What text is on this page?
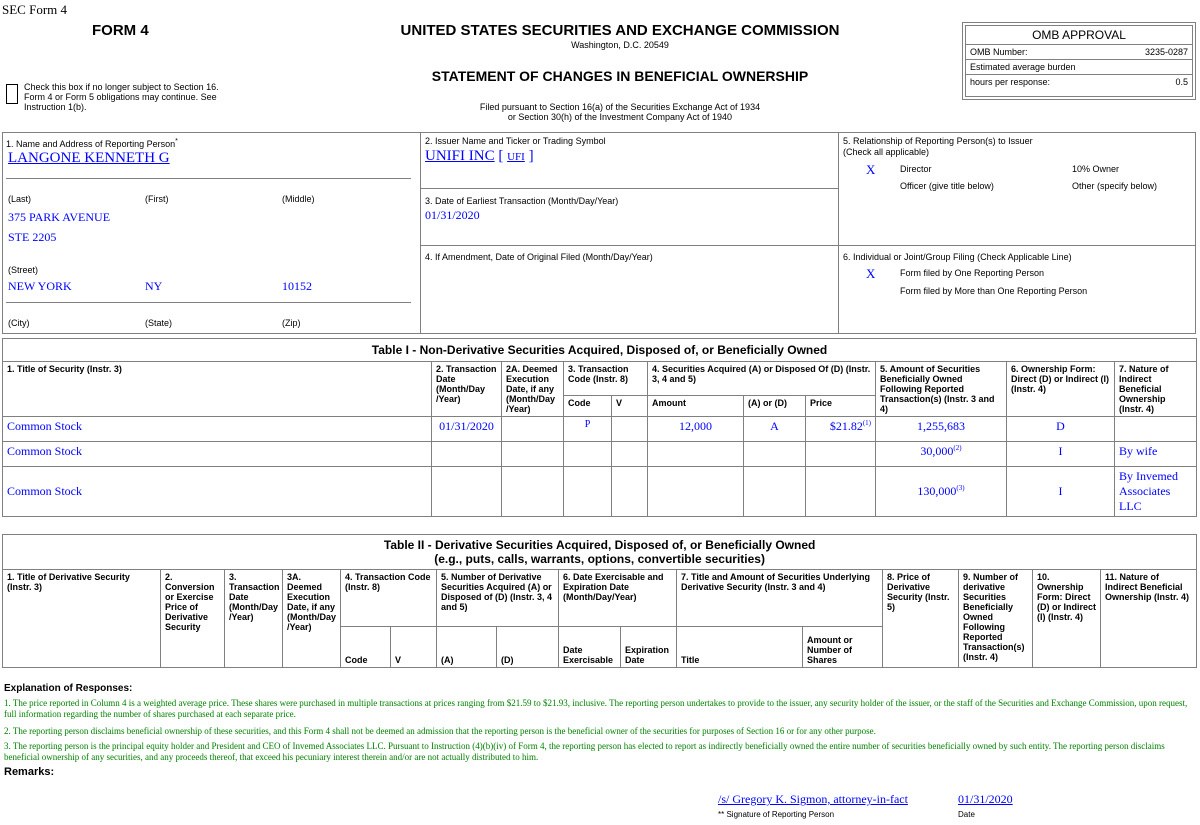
SEC Form 4
FORM 4	UNITED STATES SECURITIES AND EXCHANGE COMMISSION
Washington, D.C. 20549
STATEMENT OF CHANGES IN BENEFICIAL OWNERSHIP
Filed pursuant to Section 16(a) of the Securities Exchange Act of 1934
or Section 30(h) of the Investment Company Act of 1940
Check this box if no longer subject to Section 16. Form 4 or Form 5 obligations may continue. See Instruction 1(b).
OMB APPROVAL
OMB Number:	3235-0287
Estimated average burden
hours per response:	0.5
1. Name and Address of Reporting Person*
LANGONE KENNETH G
(Last)	(First)	(Middle)
375 PARK AVENUE
STE 2205
(Street)
NEW YORK	NY	10152
(City)	(State)	(Zip)
2. Issuer Name and Ticker or Trading Symbol
UNIFI INC [ UFI ]
3. Date of Earliest Transaction (Month/Day/Year)
01/31/2020
4. If Amendment, Date of Original Filed (Month/Day/Year)
5. Relationship of Reporting Person(s) to Issuer
(Check all applicable)
X	Director	10% Owner
Officer (give title below)	Other (specify below)
6. Individual or Joint/Group Filing (Check Applicable Line)
X	Form filed by One Reporting Person
Form filed by More than One Reporting Person
Table I - Non-Derivative Securities Acquired, Disposed of, or Beneficially Owned										
1. Title of Security (Instr. 3)	2. Transaction Date (Month/Day /Year)	2A. Deemed Execution Date, if any (Month/Day /Year)	3. Transaction Code (Instr. 8)		4. Securities Acquired (A) or Disposed Of (D) (Instr. 3, 4 and 5)			5. Amount of Securities Beneficially Owned Following Reported Transaction(s) (Instr. 3 and 4)	6. Ownership Form: Direct (D) or Indirect (I) (Instr. 4)	7. Nature of Indirect Beneficial Ownership (Instr. 4)
			Code	V	Amount	(A) or (D)	Price			
Common Stock	01/31/2020		P		12,000	A	$21.82$^{(1)}$	1,255,683	D	
Common Stock								30,000$^{(2)}$	I	By wife
Common Stock								130,000$^{(3)}$	I	By Invemed Associates LLC
Table II - Derivative Securities Acquired, Disposed of, or Beneficially Owned
(e.g., puts, calls, warrants, options, convertible securities)															

1. Title of Derivative Security (Instr. 3)	2. Conversion or Exercise Price of Derivative Security	3. Transaction Date (Month/Day /Year)	3A. Deemed Execution Date, if any (Month/Day /Year)	4. Transaction Code (Instr. 8)		5. Number of Derivative Securities Acquired (A) or Disposed of (D) (Instr. 3, 4 and 5)		6. Date Exercisable and Expiration Date (Month/Day/Year)		7. Title and Amount of Securities Underlying Derivative Security (Instr. 3 and 4)		8. Price of Derivative Security (Instr. 5)	9. Number of derivative Securities Beneficially Owned Following Reported Transaction(s) (Instr. 4)	10. Ownership Form: Direct (D) or Indirect (I) (Instr. 4)	11. Nature of Indirect Beneficial Ownership (Instr. 4)
				Code	V	(A)	(D)	Date Exercisable	Expiration Date	Title	Amount or Number of Shares				
Explanation of Responses:
1. The price reported in Column 4 is a weighted average price. These shares were purchased in multiple transactions at prices ranging from $21.59 to $21.93, inclusive. The reporting person undertakes to provide to the issuer, any security holder of the issuer, or the staff of the Securities and Exchange Commission, upon request, full information regarding the number of shares purchased at each separate price.
2. The reporting person disclaims beneficial ownership of these securities, and this Form 4 shall not be deemed an admission that the reporting person is the beneficial owner of the securities for purposes of Section 16 or for any other purpose.
3. The reporting person is the principal equity holder and President and CEO of Invemed Associates LLC. Pursuant to Instruction (4)(b)(iv) of Form 4, the reporting person has elected to report as indirectly beneficially owned the entire number of securities beneficially owned by such entity. The reporting person disclaims beneficial ownership of any securities, and any proceeds thereof, that exceed his pecuniary interest therein and/or are not actually distributed to him.
Remarks:
/s/ Gregory K. Sigmon, attorney-in-fact	01/31/2020
** Signature of Reporting Person	Date
